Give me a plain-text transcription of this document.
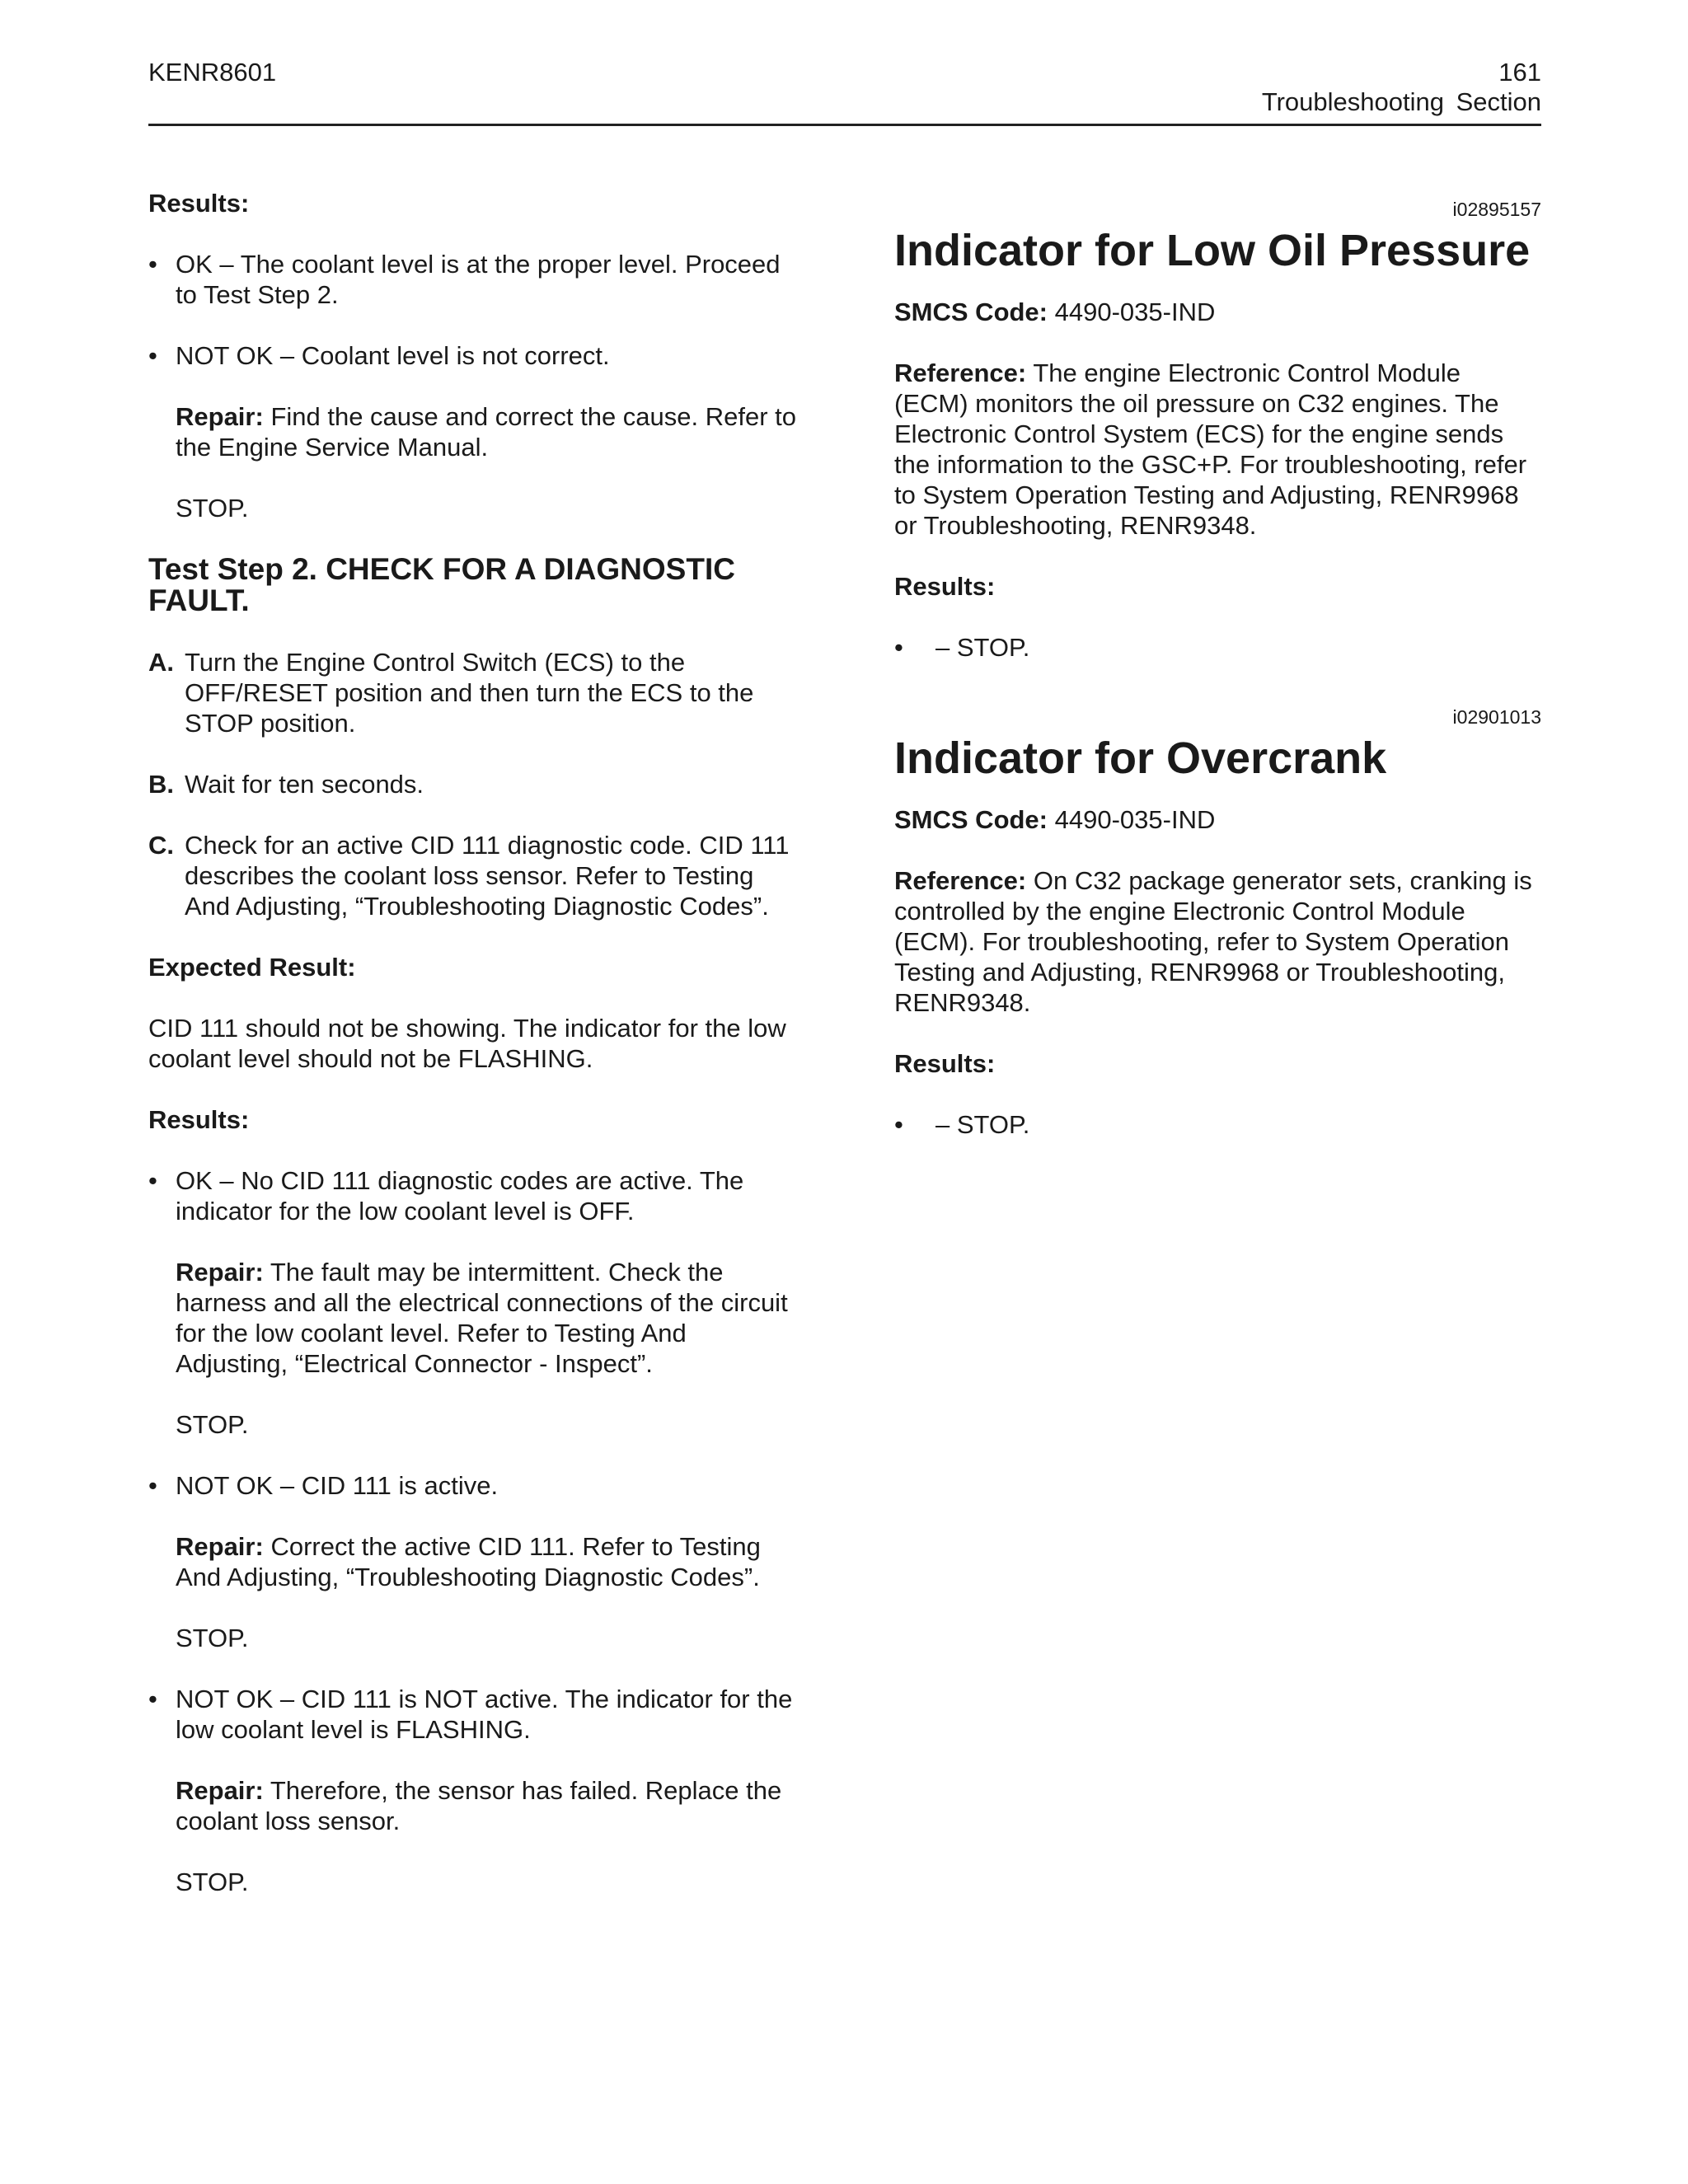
KENR8601	161
Troubleshooting Section

Results:

• OK – The coolant level is at the proper level. Proceed to Test Step 2.
• NOT OK – Coolant level is not correct.

Repair: Find the cause and correct the cause. Refer to the Engine Service Manual.

STOP.

Test Step 2. CHECK FOR A DIAGNOSTIC FAULT.

A. Turn the Engine Control Switch (ECS) to the OFF/RESET position and then turn the ECS to the STOP position.
B. Wait for ten seconds.
C. Check for an active CID 111 diagnostic code. CID 111 describes the coolant loss sensor. Refer to Testing And Adjusting, “Troubleshooting Diagnostic Codes”.

Expected Result:

CID 111 should not be showing. The indicator for the low coolant level should not be FLASHING.

Results:

• OK – No CID 111 diagnostic codes are active. The indicator for the low coolant level is OFF.

Repair: The fault may be intermittent. Check the harness and all the electrical connections of the circuit for the low coolant level. Refer to Testing And Adjusting, “Electrical Connector - Inspect”.

STOP.

• NOT OK – CID 111 is active.

Repair: Correct the active CID 111. Refer to Testing And Adjusting, “Troubleshooting Diagnostic Codes”.

STOP.

• NOT OK – CID 111 is NOT active. The indicator for the low coolant level is FLASHING.

Repair: Therefore, the sensor has failed. Replace the coolant loss sensor.

STOP.

i02895157
Indicator for Low Oil Pressure

SMCS Code: 4490-035-IND

Reference: The engine Electronic Control Module (ECM) monitors the oil pressure on C32 engines. The Electronic Control System (ECS) for the engine sends the information to the GSC+P. For troubleshooting, refer to System Operation Testing and Adjusting, RENR9968 or Troubleshooting, RENR9348.

Results:

• – STOP.
i02901013
Indicator for Overcrank

SMCS Code: 4490-035-IND

Reference: On C32 package generator sets, cranking is controlled by the engine Electronic Control Module (ECM). For troubleshooting, refer to System Operation Testing and Adjusting, RENR9968 or Troubleshooting, RENR9348.

Results:

• – STOP.
